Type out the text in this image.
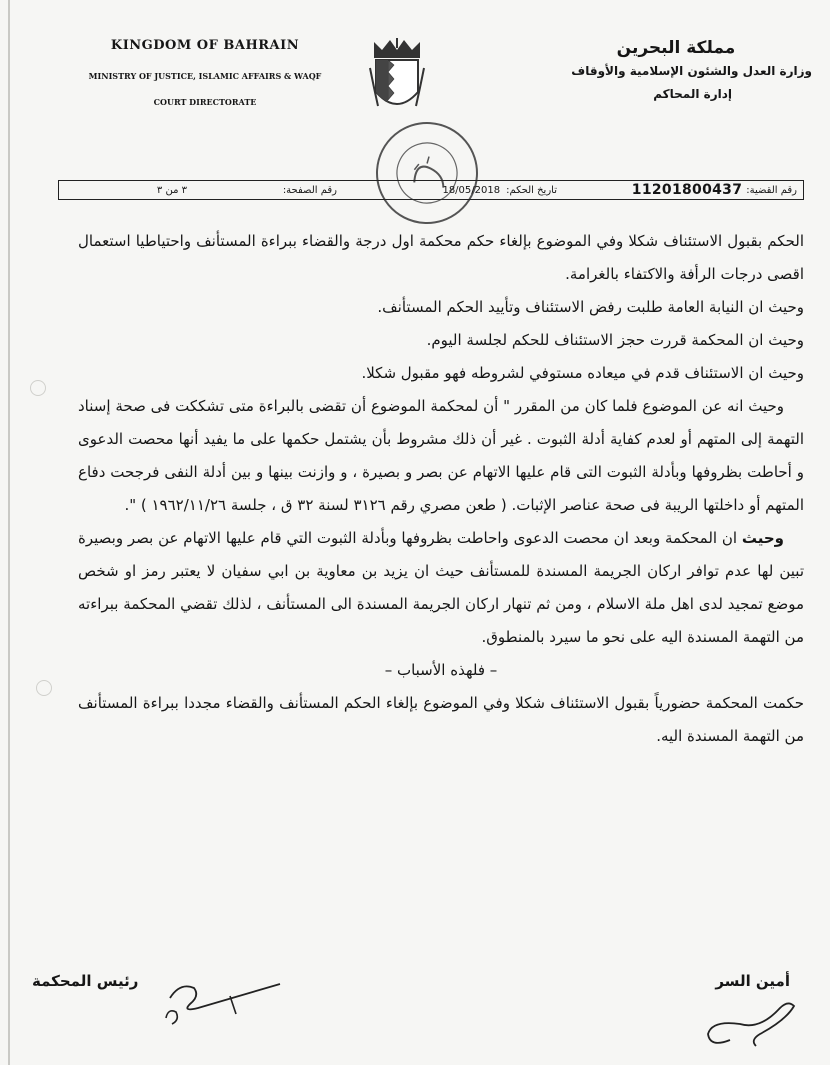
KINGDOM OF BAHRAIN

MINISTRY OF JUSTICE, ISLAMIC AFFAIRS & WAQF

COURT DIRECTORATE

مملكة البحرين

وزارة العدل والشئون الإسلامية والأوقاف

إدارة المحاكم

رقم القضية:
11201800437
تاريخ الحكم:
18/05/2018
رقم الصفحة:
٣ من ٣

الحكم بقبول الاستئناف شكلا وفي الموضوع بإلغاء حكم محكمة اول درجة والقضاء ببراءة المستأنف واحتياطيا استعمال اقصى درجات الرأفة والاكتفاء بالغرامة.

وحيث ان النيابة العامة طلبت رفض الاستئناف وتأييد الحكم المستأنف.

وحيث ان المحكمة قررت حجز الاستئناف للحكم لجلسة اليوم.

وحيث ان الاستئناف قدم في ميعاده مستوفي لشروطه فهو مقبول شكلا.

وحيث انه عن الموضوع فلما كان من المقرر " أن لمحكمة الموضوع أن تقضى بالبراءة متى تشككت فى صحة إسناد التهمة إلى المتهم أو لعدم كفاية أدلة الثبوت . غير أن ذلك مشروط بأن يشتمل حكمها على ما يفيد أنها محصت الدعوى و أحاطت بظروفها وبأدلة الثبوت التى قام عليها الاتهام عن بصر و بصيرة ، و وازنت بينها و بين أدلة النفى فرجحت دفاع المتهم أو داخلتها الريبة فى صحة عناصر الإثبات. ( طعن مصري رقم ٣١٢٦ لسنة ٣٢ ق ، جلسة ١٩٦٢/١١/٢٦ ) ".

وحيث ان المحكمة وبعد ان محصت الدعوى واحاطت بظروفها وبأدلة الثبوت التي قام عليها الاتهام عن بصر وبصيرة تبين لها عدم توافر اركان الجريمة المسندة للمستأنف حيث ان يزيد بن معاوية بن ابي سفيان لا يعتبر رمز او شخص موضع تمجيد لدى اهل ملة الاسلام ، ومن ثم تنهار اركان الجريمة المسندة الى المستأنف ، لذلك تقضي المحكمة ببراءته من التهمة المسندة اليه على نحو ما سيرد بالمنطوق.

– فلهذه الأسباب –

حكمت المحكمة حضورياً بقبول الاستئناف شكلا وفي الموضوع بإلغاء الحكم المستأنف والقضاء مجددا ببراءة المستأنف من التهمة المسندة اليه.

أمين السر
رئيس المحكمة
